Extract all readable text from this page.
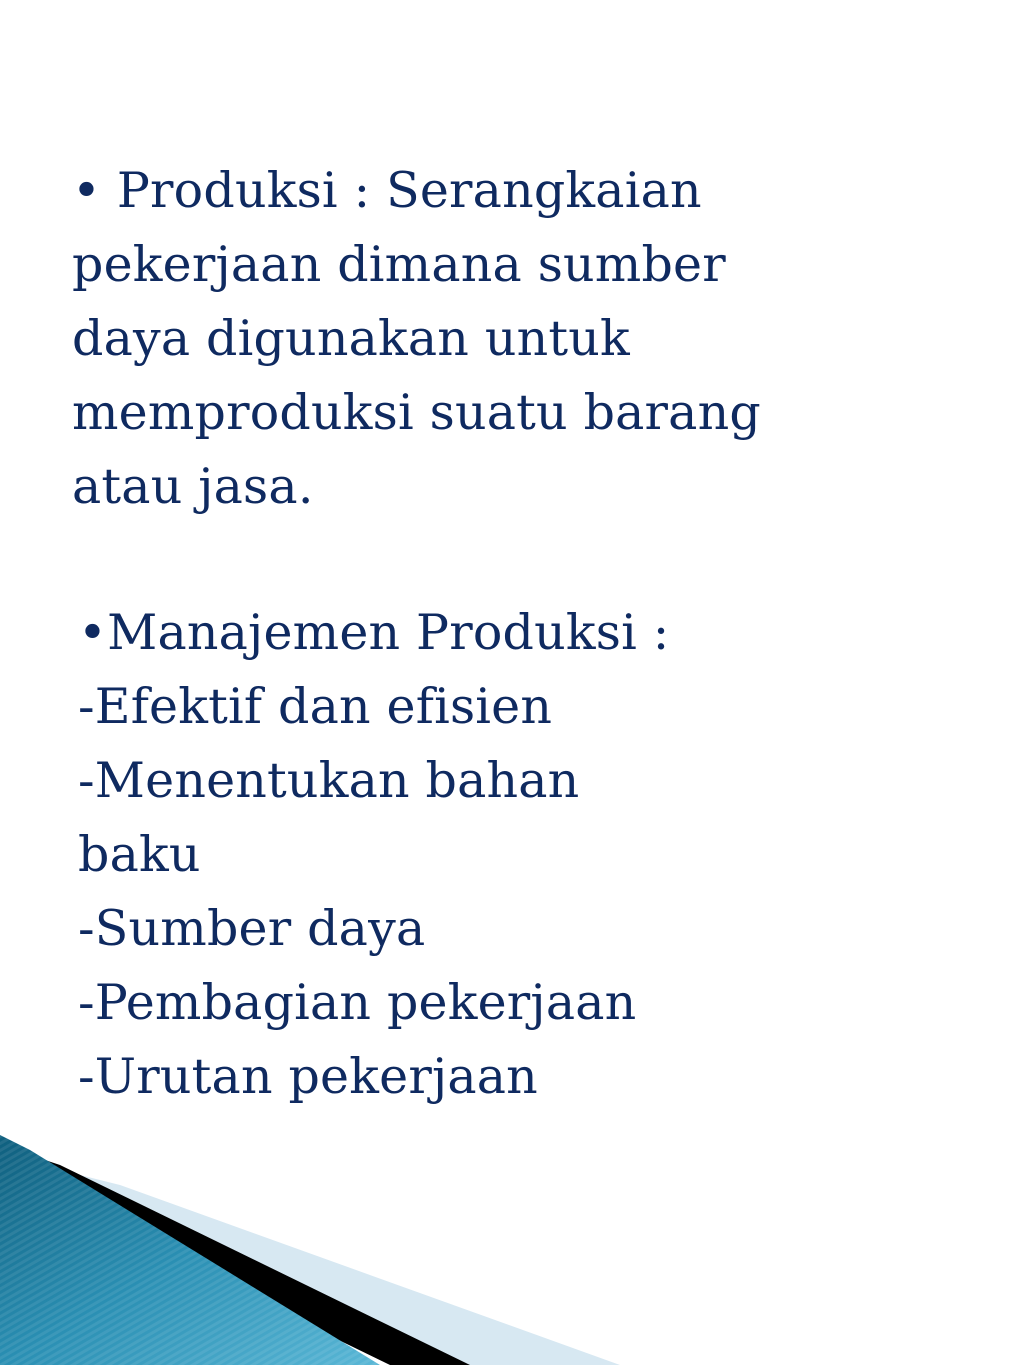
• Produksi : Serangkaian
pekerjaan dimana sumber
daya digunakan untuk
memproduksi suatu barang
atau jasa.
•Manajemen Produksi :
-Efektif dan efisien
-Menentukan bahan
baku
-Sumber daya
-Pembagian pekerjaan
-Urutan pekerjaan
